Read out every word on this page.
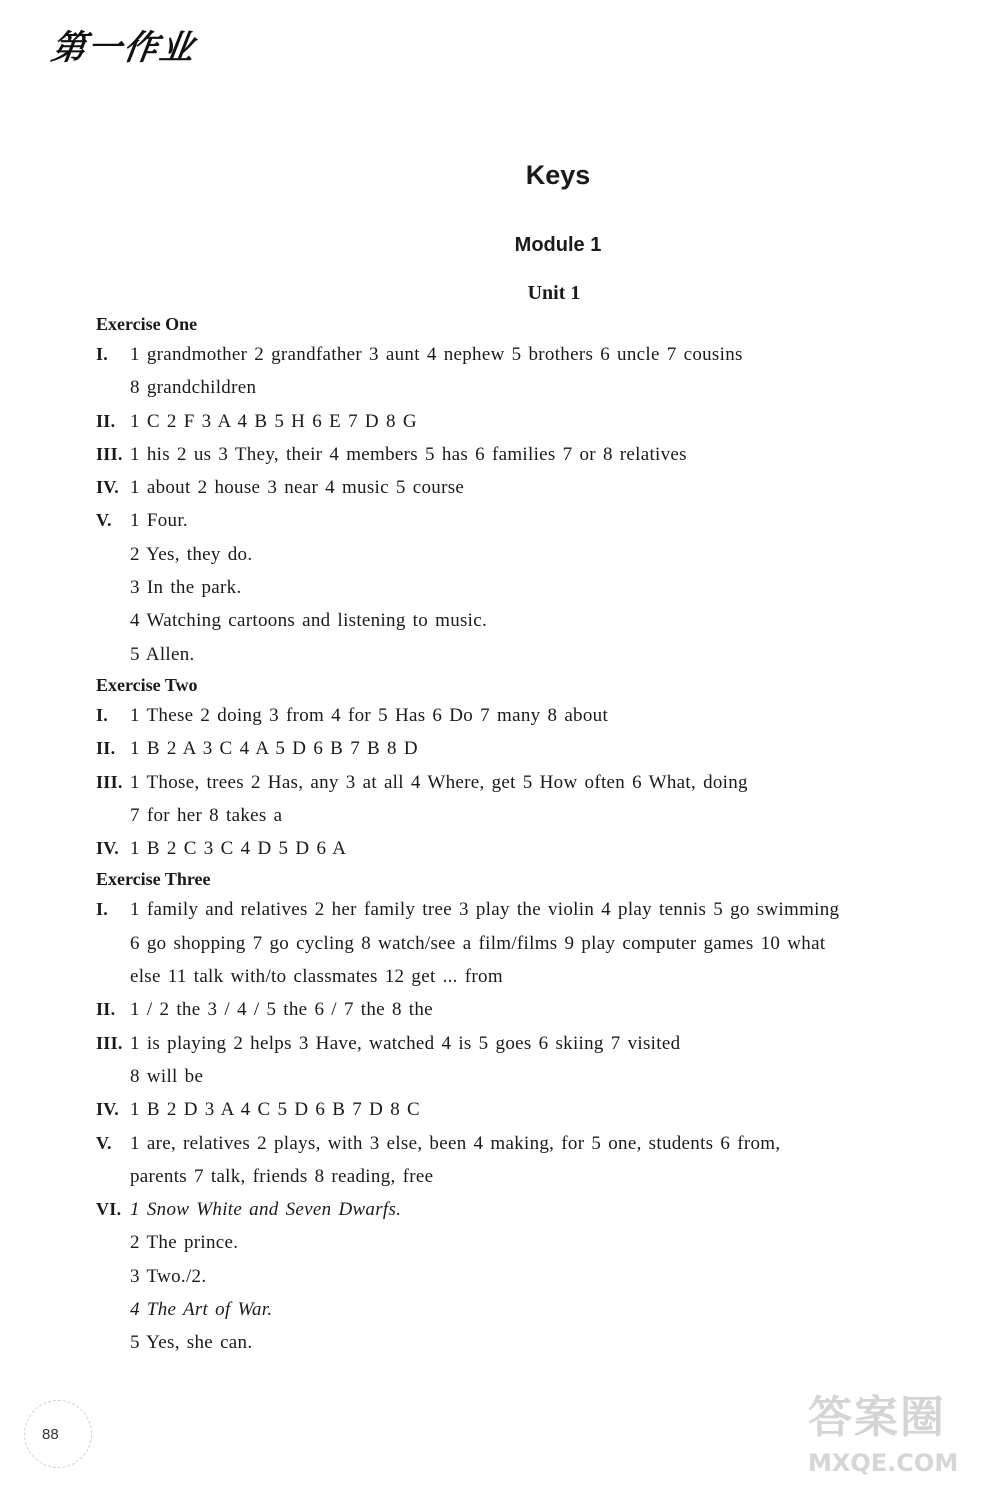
第一作业
Keys
Module 1
Unit 1
Exercise One
I. 1 grandmother 2 grandfather 3 aunt 4 nephew 5 brothers 6 uncle 7 cousins
8 grandchildren
II. 1 C 2 F 3 A 4 B 5 H 6 E 7 D 8 G
III. 1 his 2 us 3 They, their 4 members 5 has 6 families 7 or 8 relatives
IV. 1 about 2 house 3 near 4 music 5 course
V. 1 Four.
2 Yes, they do.
3 In the park.
4 Watching cartoons and listening to music.
5 Allen.
Exercise Two
I. 1 These 2 doing 3 from 4 for 5 Has 6 Do 7 many 8 about
II. 1 B 2 A 3 C 4 A 5 D 6 B 7 B 8 D
III. 1 Those, trees 2 Has, any 3 at all 4 Where, get 5 How often 6 What, doing
7 for her 8 takes a
IV. 1 B 2 C 3 C 4 D 5 D 6 A
Exercise Three
I. 1 family and relatives 2 her family tree 3 play the violin 4 play tennis 5 go swimming
6 go shopping 7 go cycling 8 watch/see a film/films 9 play computer games 10 what
else 11 talk with/to classmates 12 get ... from
II. 1 / 2 the 3 / 4 / 5 the 6 / 7 the 8 the
III. 1 is playing 2 helps 3 Have, watched 4 is 5 goes 6 skiing 7 visited
8 will be
IV. 1 B 2 D 3 A 4 C 5 D 6 B 7 D 8 C
V. 1 are, relatives 2 plays, with 3 else, been 4 making, for 5 one, students 6 from,
parents 7 talk, friends 8 reading, free
VI. 1 Snow White and Seven Dwarfs.
2 The prince.
3 Two./2.
4 The Art of War.
5 Yes, she can.
88	答案圈
MXQE.COM
